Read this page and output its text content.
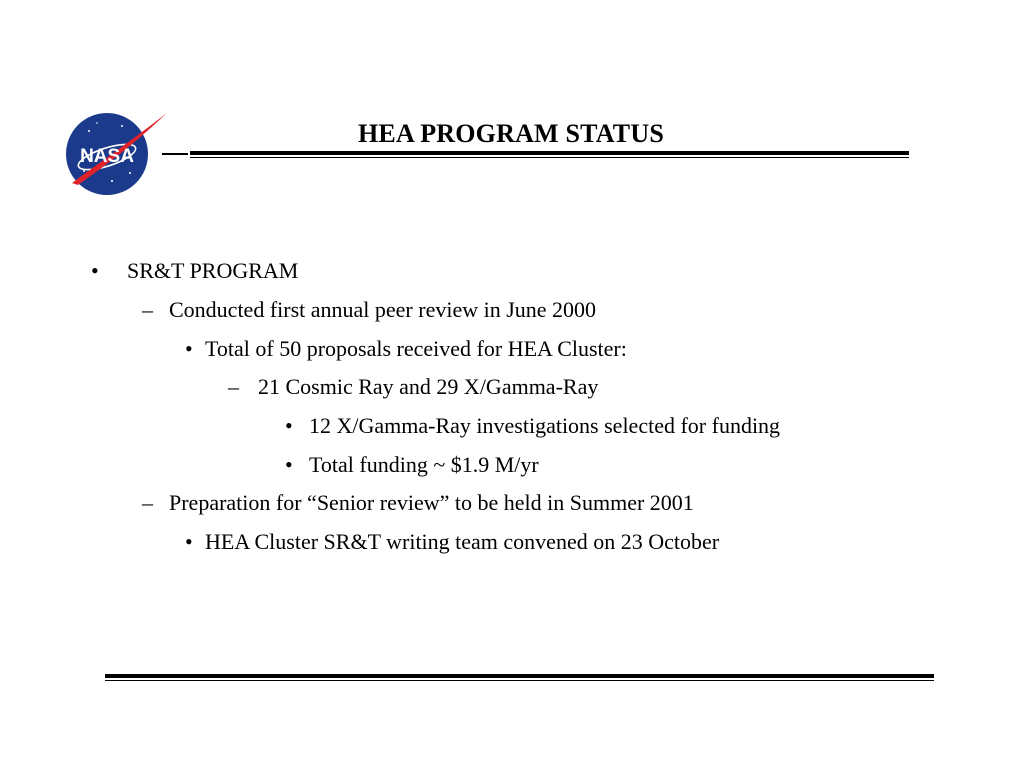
NASA
HEA PROGRAM STATUS
• SR&T PROGRAM
– Conducted first annual peer review in June 2000
• Total of 50 proposals received for HEA Cluster:
– 21 Cosmic Ray and 29 X/Gamma-Ray
• 12 X/Gamma-Ray investigations selected for funding
• Total funding ~ $1.9 M/yr
– Preparation for “Senior review” to be held in Summer 2001
• HEA Cluster SR&T writing team convened on 23 October
